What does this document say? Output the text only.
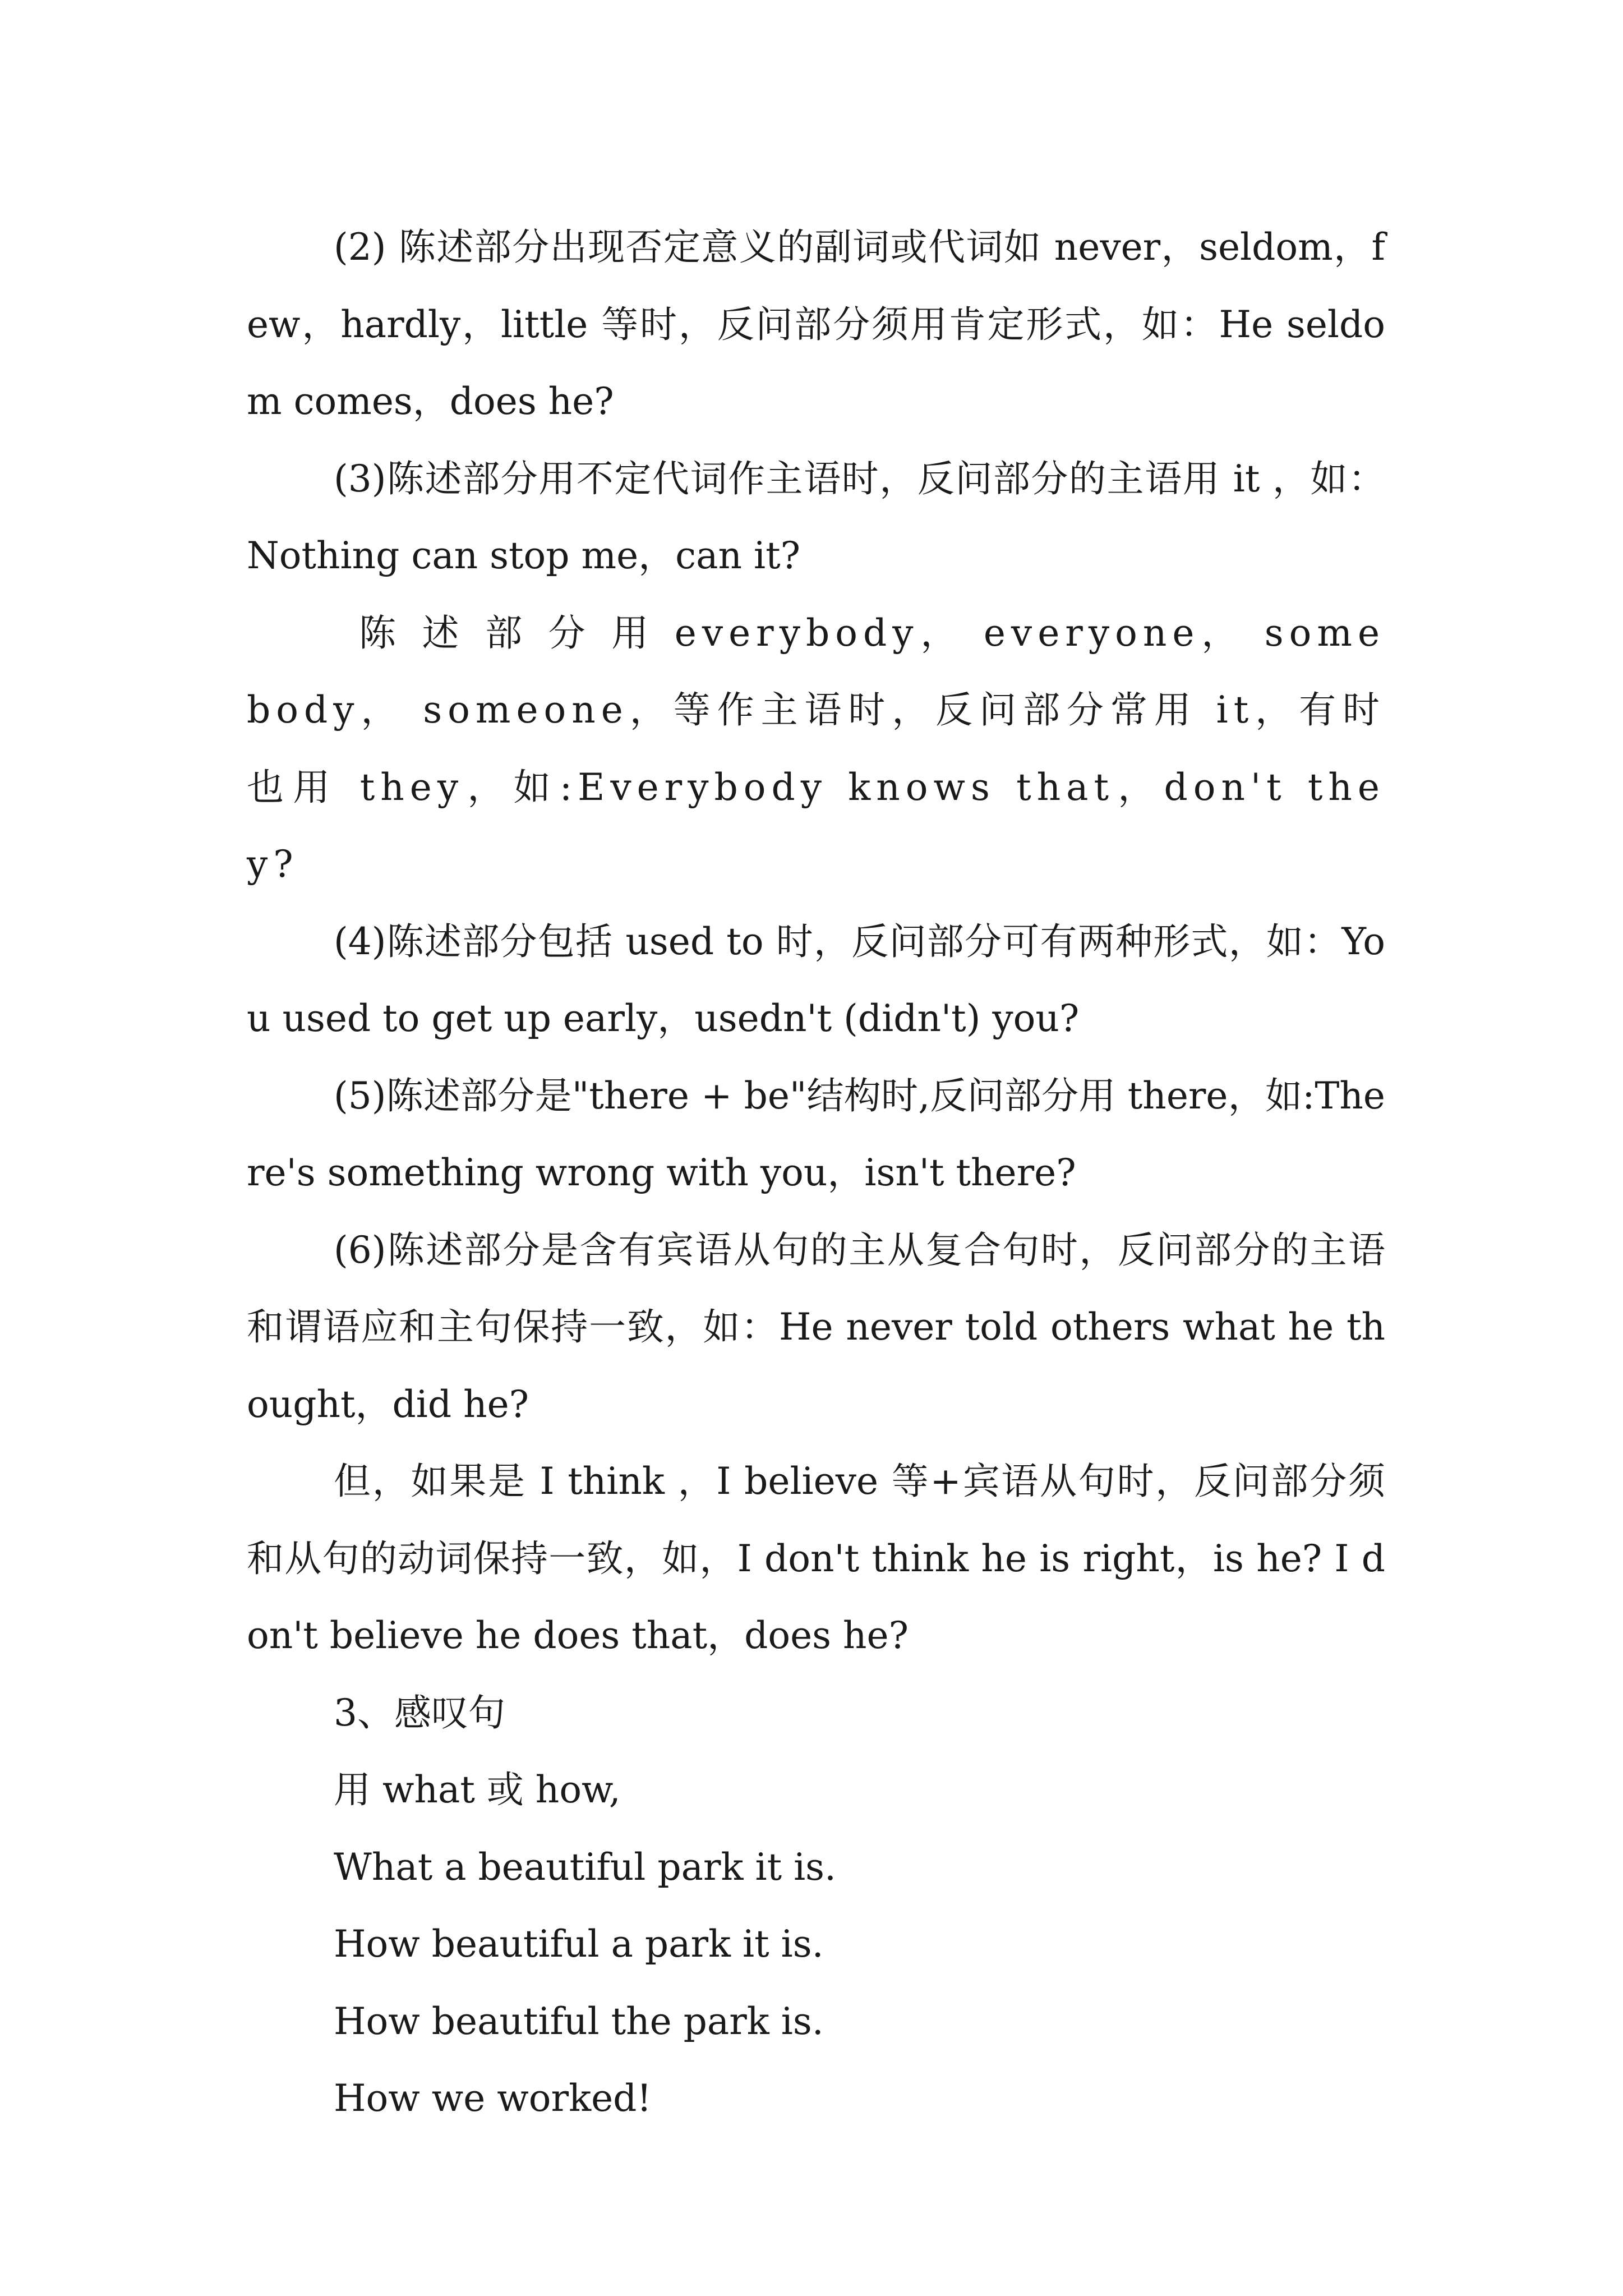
(2) 陈述部分出现否定意义的副词或代词如 never，seldom，few，hardly，little 等时，反问部分须用肯定形式，如：He seldom comes，does he?

(3)陈述部分用不定代词作主语时，反问部分的主语用 it ，如：Nothing can stop me，can it?

陈 述 部 分 用 everybody， everyone， somebody， someone，等作主语时，反问部分常用 it，有时也用 they，如:Everybody knows that，don't they?

(4)陈述部分包括 used to 时，反问部分可有两种形式，如：You used to get up early，usedn't (didn't) you?

(5)陈述部分是"there + be"结构时,反问部分用 there，如:There's something wrong with you，isn't there?

(6)陈述部分是含有宾语从句的主从复合句时，反问部分的主语和谓语应和主句保持一致，如：He never told others what he thought，did he?

但，如果是 I think ，I believe 等+宾语从句时，反问部分须和从句的动词保持一致，如，I don't think he is right，is he? I don't believe he does that，does he?

3、感叹句

用 what 或 how,

What a beautiful park it is.

How beautiful a park it is.

How beautiful the park is.

How we worked!
